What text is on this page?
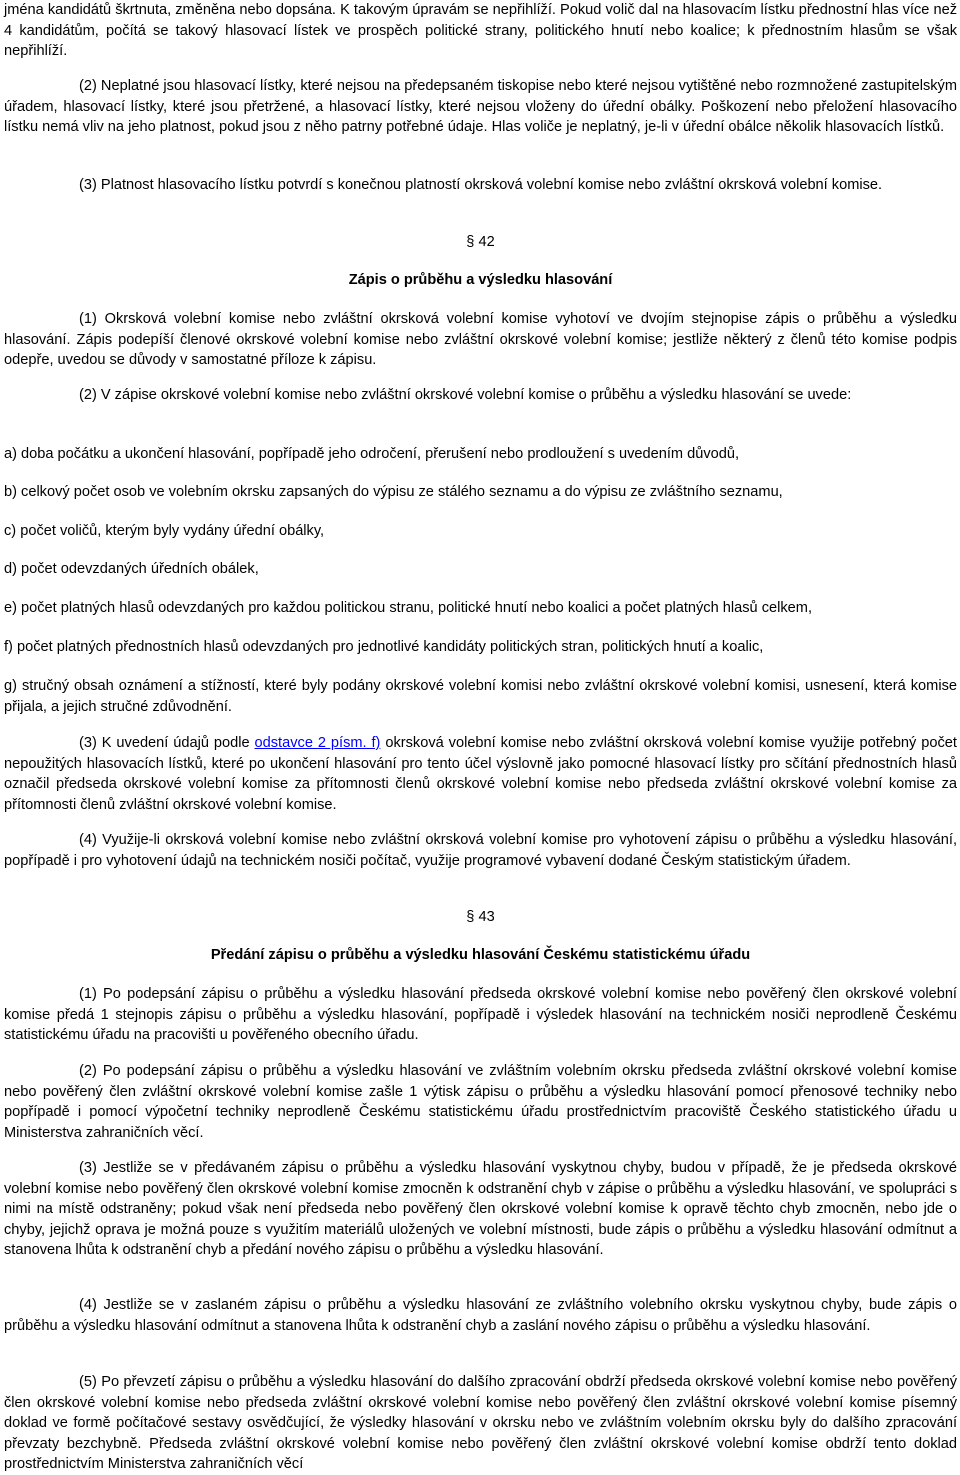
jména kandidátů škrtnuta, změněna nebo dopsána. K takovým úpravám se nepřihlíží. Pokud volič dal na hlasovacím lístku přednostní hlas více než 4 kandidátům, počítá se takový hlasovací lístek ve prospěch politické strany, politického hnutí nebo koalice; k přednostním hlasům se však nepřihlíží.

(2) Neplatné jsou hlasovací lístky, které nejsou na předepsaném tiskopise nebo které nejsou vytištěné nebo rozmnožené zastupitelským úřadem, hlasovací lístky, které jsou přetržené, a hlasovací lístky, které nejsou vloženy do úřední obálky. Poškození nebo přeložení hlasovacího lístku nemá vliv na jeho platnost, pokud jsou z něho patrny potřebné údaje. Hlas voliče je neplatný, je-li v úřední obálce několik hlasovacích lístků.

(3) Platnost hlasovacího lístku potvrdí s konečnou platností okrsková volební komise nebo zvláštní okrsková volební komise.

§ 42
Zápis o průběhu a výsledku hlasování

(1) Okrsková volební komise nebo zvláštní okrsková volební komise vyhotoví ve dvojím stejnopise zápis o průběhu a výsledku hlasování. Zápis podepíší členové okrskové volební komise nebo zvláštní okrskové volební komise; jestliže některý z členů této komise podpis odepře, uvedou se důvody v samostatné příloze k zápisu.

(2) V zápise okrskové volební komise nebo zvláštní okrskové volební komise o průběhu a výsledku hlasování se uvede:

a) doba počátku a ukončení hlasování, popřípadě jeho odročení, přerušení nebo prodloužení s uvedením důvodů,

b) celkový počet osob ve volebním okrsku zapsaných do výpisu ze stálého seznamu a do výpisu ze zvláštního seznamu,

c) počet voličů, kterým byly vydány úřední obálky,

d) počet odevzdaných úředních obálek,

e) počet platných hlasů odevzdaných pro každou politickou stranu, politické hnutí nebo koalici a počet platných hlasů celkem,

f) počet platných přednostních hlasů odevzdaných pro jednotlivé kandidáty politických stran, politických hnutí a koalic,

g) stručný obsah oznámení a stížností, které byly podány okrskové volební komisi nebo zvláštní okrskové volební komisi, usnesení, která komise přijala, a jejich stručné zdůvodnění.

(3) K uvedení údajů podle odstavce 2 písm. f) okrsková volební komise nebo zvláštní okrsková volební komise využije potřebný počet nepoužitých hlasovacích lístků, které po ukončení hlasování pro tento účel výslovně jako pomocné hlasovací lístky pro sčítání přednostních hlasů označil předseda okrskové volební komise za přítomnosti členů okrskové volební komise nebo předseda zvláštní okrskové volební komise za přítomnosti členů zvláštní okrskové volební komise.

(4) Využije-li okrsková volební komise nebo zvláštní okrsková volební komise pro vyhotovení zápisu o průběhu a výsledku hlasování, popřípadě i pro vyhotovení údajů na technickém nosiči počítač, využije programové vybavení dodané Českým statistickým úřadem.

§ 43
Předání zápisu o průběhu a výsledku hlasování Českému statistickému úřadu

(1) Po podepsání zápisu o průběhu a výsledku hlasování předseda okrskové volební komise nebo pověřený člen okrskové volební komise předá 1 stejnopis zápisu o průběhu a výsledku hlasování, popřípadě i výsledek hlasování na technickém nosiči neprodleně Českému statistickému úřadu na pracovišti u pověřeného obecního úřadu.

(2) Po podepsání zápisu o průběhu a výsledku hlasování ve zvláštním volebním okrsku předseda zvláštní okrskové volební komise nebo pověřený člen zvláštní okrskové volební komise zašle 1 výtisk zápisu o průběhu a výsledku hlasování pomocí přenosové techniky nebo popřípadě i pomocí výpočetní techniky neprodleně Českému statistickému úřadu prostřednictvím pracoviště Českého statistického úřadu u Ministerstva zahraničních věcí.

(3) Jestliže se v předávaném zápisu o průběhu a výsledku hlasování vyskytnou chyby, budou v případě, že je předseda okrskové volební komise nebo pověřený člen okrskové volební komise zmocněn k odstranění chyb v zápise o průběhu a výsledku hlasování, ve spolupráci s nimi na místě odstraněny; pokud však není předseda nebo pověřený člen okrskové volební komise k opravě těchto chyb zmocněn, nebo jde o chyby, jejichž oprava je možná pouze s využitím materiálů uložených ve volební místnosti, bude zápis o průběhu a výsledku hlasování odmítnut a stanovena lhůta k odstranění chyb a předání nového zápisu o průběhu a výsledku hlasování.

(4) Jestliže se v zaslaném zápisu o průběhu a výsledku hlasování ze zvláštního volebního okrsku vyskytnou chyby, bude zápis o průběhu a výsledku hlasování odmítnut a stanovena lhůta k odstranění chyb a zaslání nového zápisu o průběhu a výsledku hlasování.

(5) Po převzetí zápisu o průběhu a výsledku hlasování do dalšího zpracování obdrží předseda okrskové volební komise nebo pověřený člen okrskové volební komise nebo předseda zvláštní okrskové volební komise nebo pověřený člen zvláštní okrskové volební komise písemný doklad ve formě počítačové sestavy osvědčující, že výsledky hlasování v okrsku nebo ve zvláštním volebním okrsku byly do dalšího zpracování převzaty bezchybně. Předseda zvláštní okrskové volební komise nebo pověřený člen zvláštní okrskové volební komise obdrží tento doklad prostřednictvím Ministerstva zahraničních věcí
